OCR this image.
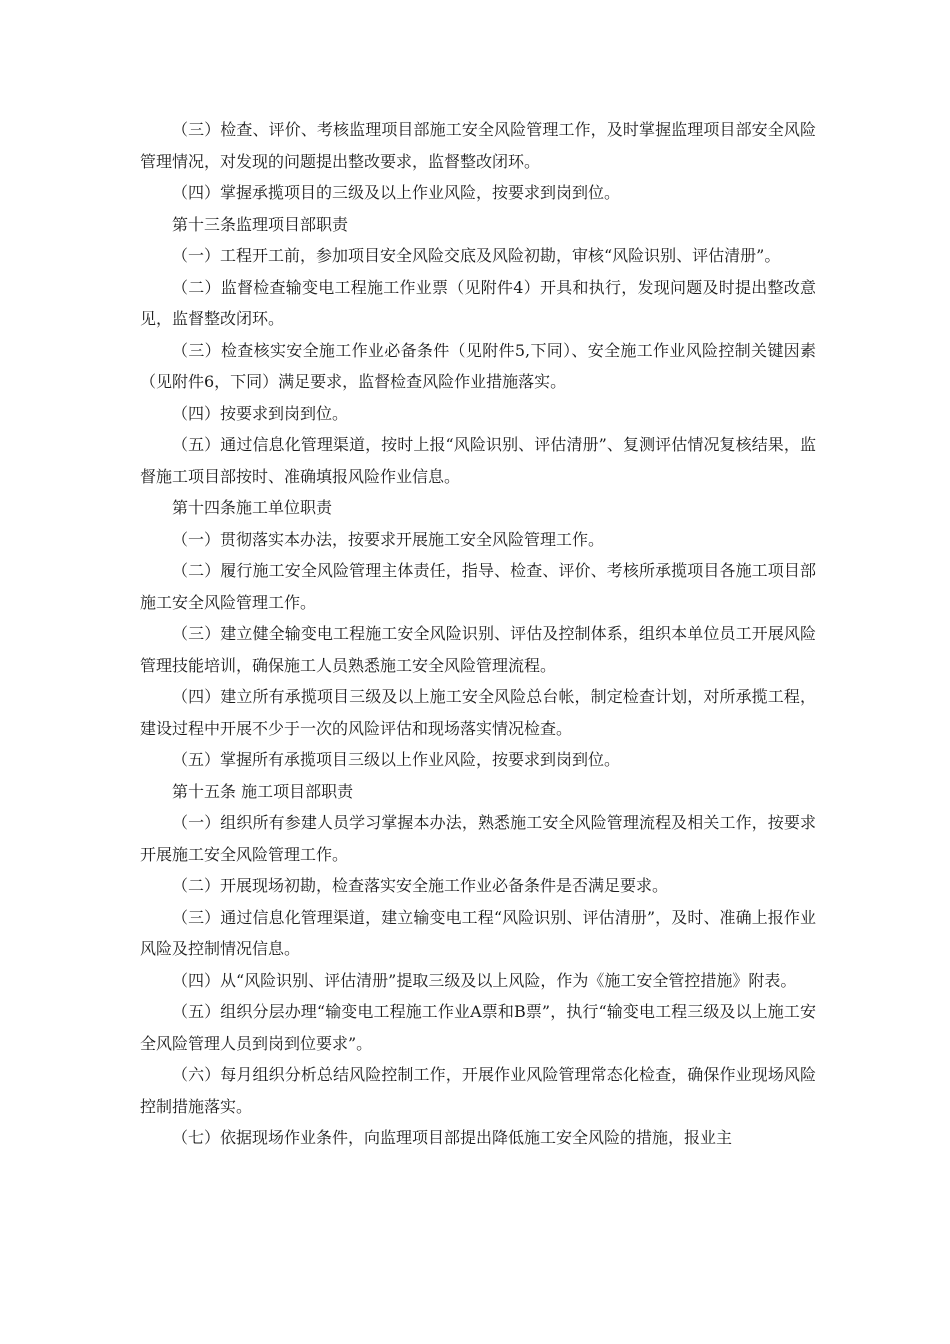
（三）检查、评价、考核监理项目部施工安全风险管理工作，及时掌握监理项目部安全风险管理情况，对发现的问题提出整改要求，监督整改闭环。

（四）掌握承揽项目的三级及以上作业风险，按要求到岗到位。

第十三条监理项目部职责

（一）工程开工前，参加项目安全风险交底及风险初勘，审核“风险识别、评估清册”。

（二）监督检查输变电工程施工作业票（见附件4）开具和执行，发现问题及时提出整改意见，监督整改闭环。

（三）检查核实安全施工作业必备条件（见附件5,下同）、安全施工作业风险控制关键因素（见附件6，下同）满足要求，监督检查风险作业措施落实。

（四）按要求到岗到位。

（五）通过信息化管理渠道，按时上报“风险识别、评估清册”、复测评估情况复核结果，监督施工项目部按时、准确填报风险作业信息。

第十四条施工单位职责

（一）贯彻落实本办法，按要求开展施工安全风险管理工作。

（二）履行施工安全风险管理主体责任，指导、检查、评价、考核所承揽项目各施工项目部施工安全风险管理工作。

（三）建立健全输变电工程施工安全风险识别、评估及控制体系，组织本单位员工开展风险管理技能培训，确保施工人员熟悉施工安全风险管理流程。

（四）建立所有承揽项目三级及以上施工安全风险总台帐，制定检查计划，对所承揽工程，建设过程中开展不少于一次的风险评估和现场落实情况检查。

（五）掌握所有承揽项目三级以上作业风险，按要求到岗到位。

第十五条 施工项目部职责

（一）组织所有参建人员学习掌握本办法，熟悉施工安全风险管理流程及相关工作，按要求开展施工安全风险管理工作。

（二）开展现场初勘，检查落实安全施工作业必备条件是否满足要求。

（三）通过信息化管理渠道，建立输变电工程“风险识别、评估清册”，及时、准确上报作业风险及控制情况信息。

（四）从“风险识别、评估清册”提取三级及以上风险，作为《施工安全管控措施》附表。

（五）组织分层办理“输变电工程施工作业A票和B票”，执行“输变电工程三级及以上施工安全风险管理人员到岗到位要求”。

（六）每月组织分析总结风险控制工作，开展作业风险管理常态化检查，确保作业现场风险控制措施落实。

（七）依据现场作业条件，向监理项目部提出降低施工安全风险的措施，报业主
